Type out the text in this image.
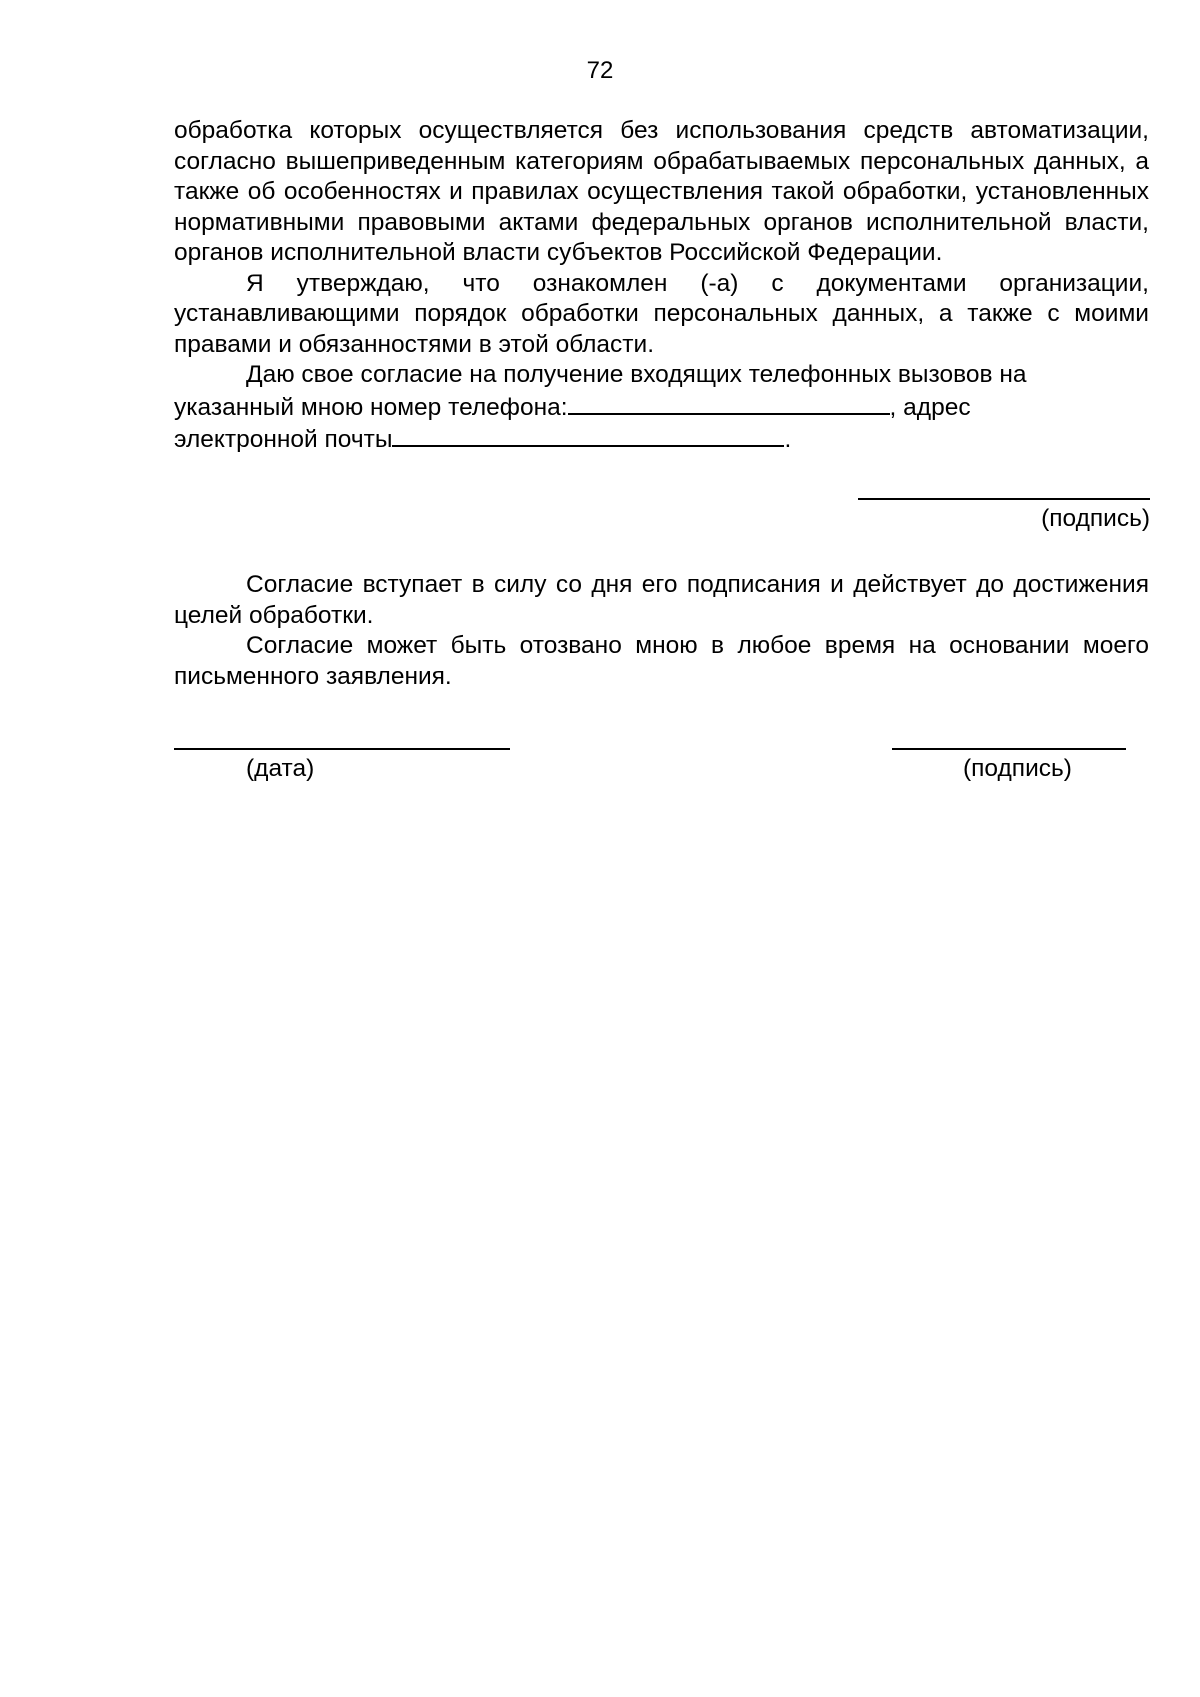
72

обработка которых осуществляется без использования средств автоматизации, согласно вышеприведенным категориям обрабатываемых персональных данных, а также об особенностях и правилах осуществления такой обработки, установленных нормативными правовыми актами федеральных органов исполнительной власти, органов исполнительной власти субъектов Российской Федерации.

Я утверждаю, что ознакомлен (-а) с документами организации, устанавливающими порядок обработки персональных данных, а также с моими правами и обязанностями в этой области.

Даю свое согласие на получение входящих телефонных вызовов на

указанный мною номер телефона:	, адрес

электронной почты	.

(подпись)

Согласие вступает в силу со дня его подписания и действует до достижения целей обработки.

Согласие может быть отозвано мною в любое время на основании моего письменного заявления.

(дата)	(подпись)
